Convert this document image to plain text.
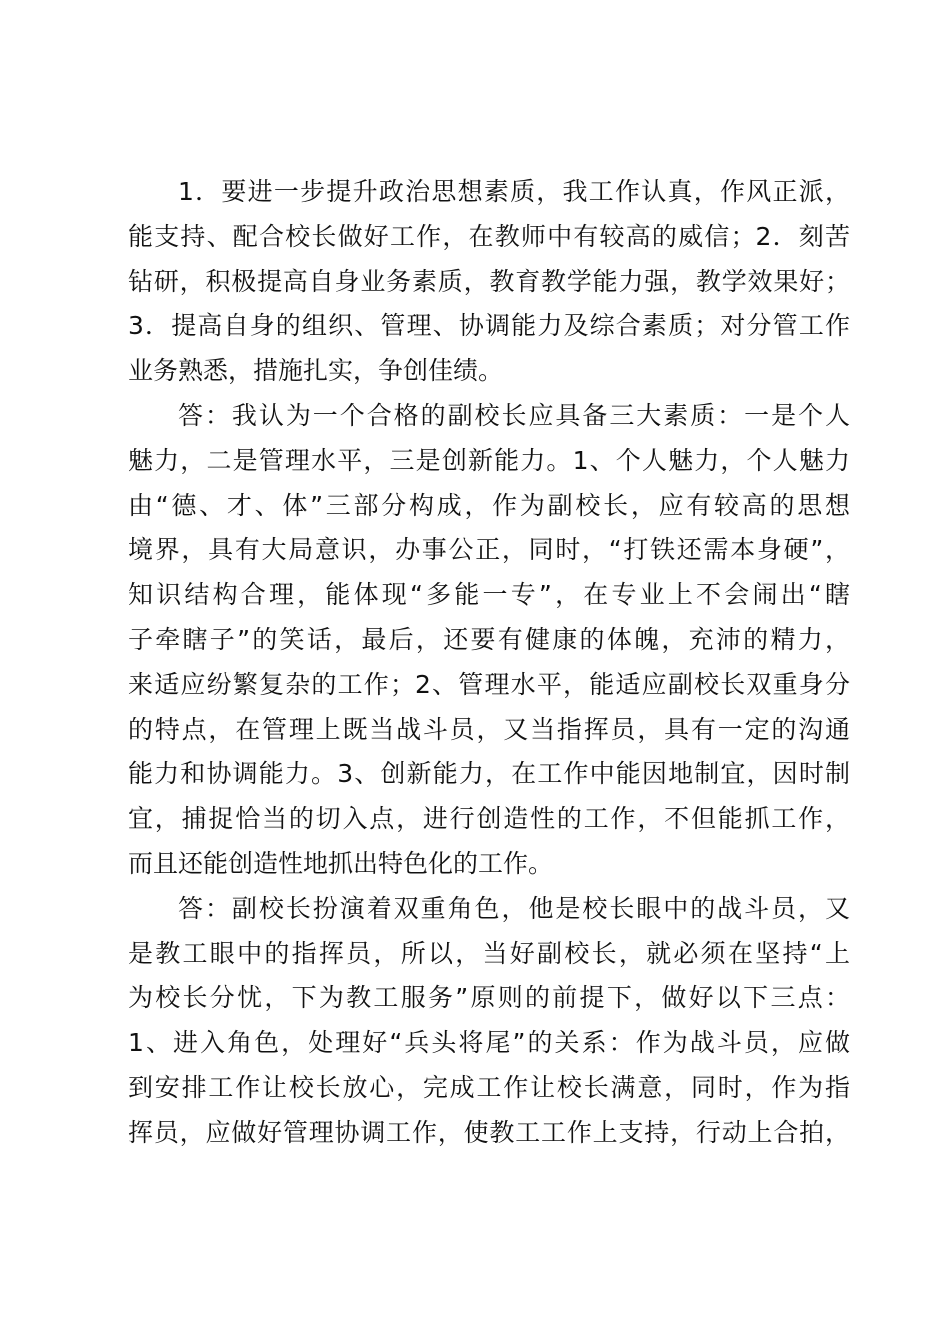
1．要进一步提升政治思想素质，我工作认真，作风正派，
能支持、配合校长做好工作，在教师中有较高的威信；2．刻苦
钻研，积极提高自身业务素质，教育教学能力强，教学效果好；
3．提高自身的组织、管理、协调能力及综合素质；对分管工作
业务熟悉，措施扎实，争创佳绩。
答：我认为一个合格的副校长应具备三大素质：一是个人
魅力，二是管理水平，三是创新能力。1、个人魅力，个人魅力
由“德、才、体”三部分构成，作为副校长，应有较高的思想
境界，具有大局意识，办事公正，同时，“打铁还需本身硬”，
知识结构合理，能体现“多能一专”，在专业上不会闹出“瞎
子牵瞎子”的笑话，最后，还要有健康的体魄，充沛的精力，
来适应纷繁复杂的工作；2、管理水平，能适应副校长双重身分
的特点，在管理上既当战斗员，又当指挥员，具有一定的沟通
能力和协调能力。3、创新能力，在工作中能因地制宜，因时制
宜，捕捉恰当的切入点，进行创造性的工作，不但能抓工作，
而且还能创造性地抓出特色化的工作。
答：副校长扮演着双重角色，他是校长眼中的战斗员，又
是教工眼中的指挥员，所以，当好副校长，就必须在坚持“上
为校长分忧，下为教工服务”原则的前提下，做好以下三点：
1、进入角色，处理好“兵头将尾”的关系：作为战斗员，应做
到安排工作让校长放心，完成工作让校长满意，同时，作为指
挥员，应做好管理协调工作，使教工工作上支持，行动上合拍，
